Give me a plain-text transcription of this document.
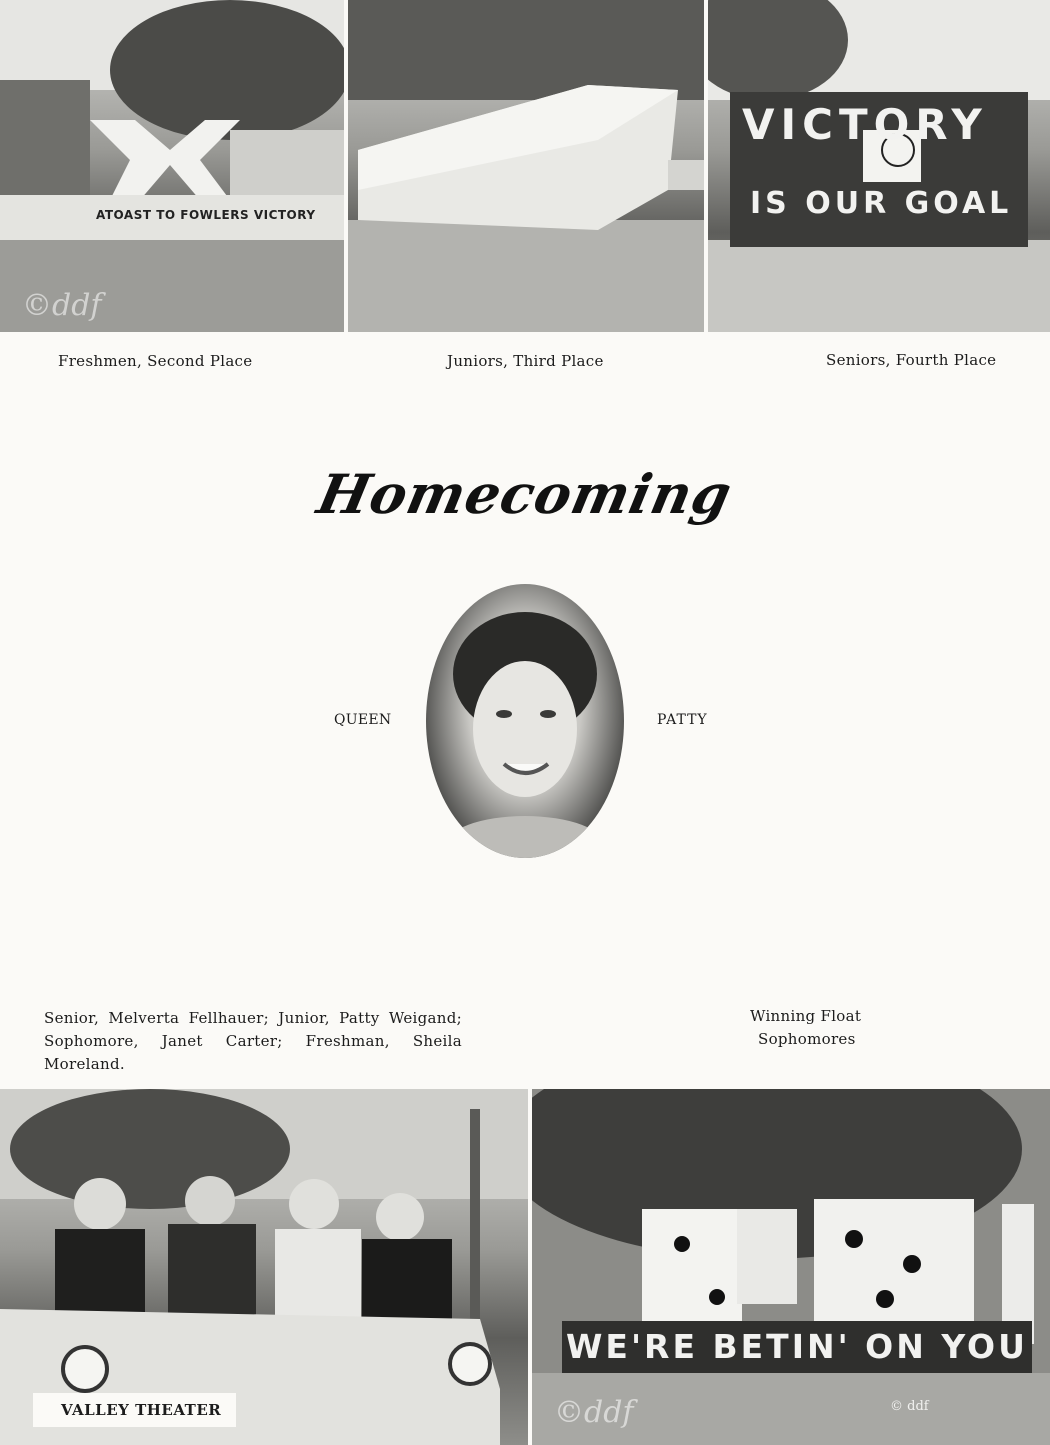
ATOAST TO FOWLERS VICTORY
©ddf
VICTORY
IS OUR GOAL
Freshmen, Second Place	Juniors, Third Place	Seniors, Fourth Place
Homecoming
QUEEN	PATTY
Senior, Melverta Fellhauer; Junior, Patty Weigand; Sophomore, Janet Carter; Freshman, Sheila Moreland.
Winning Float
Sophomores
VALLEY THEATER
WE'RE BETIN' ON YOU
©ddf	© ddf
